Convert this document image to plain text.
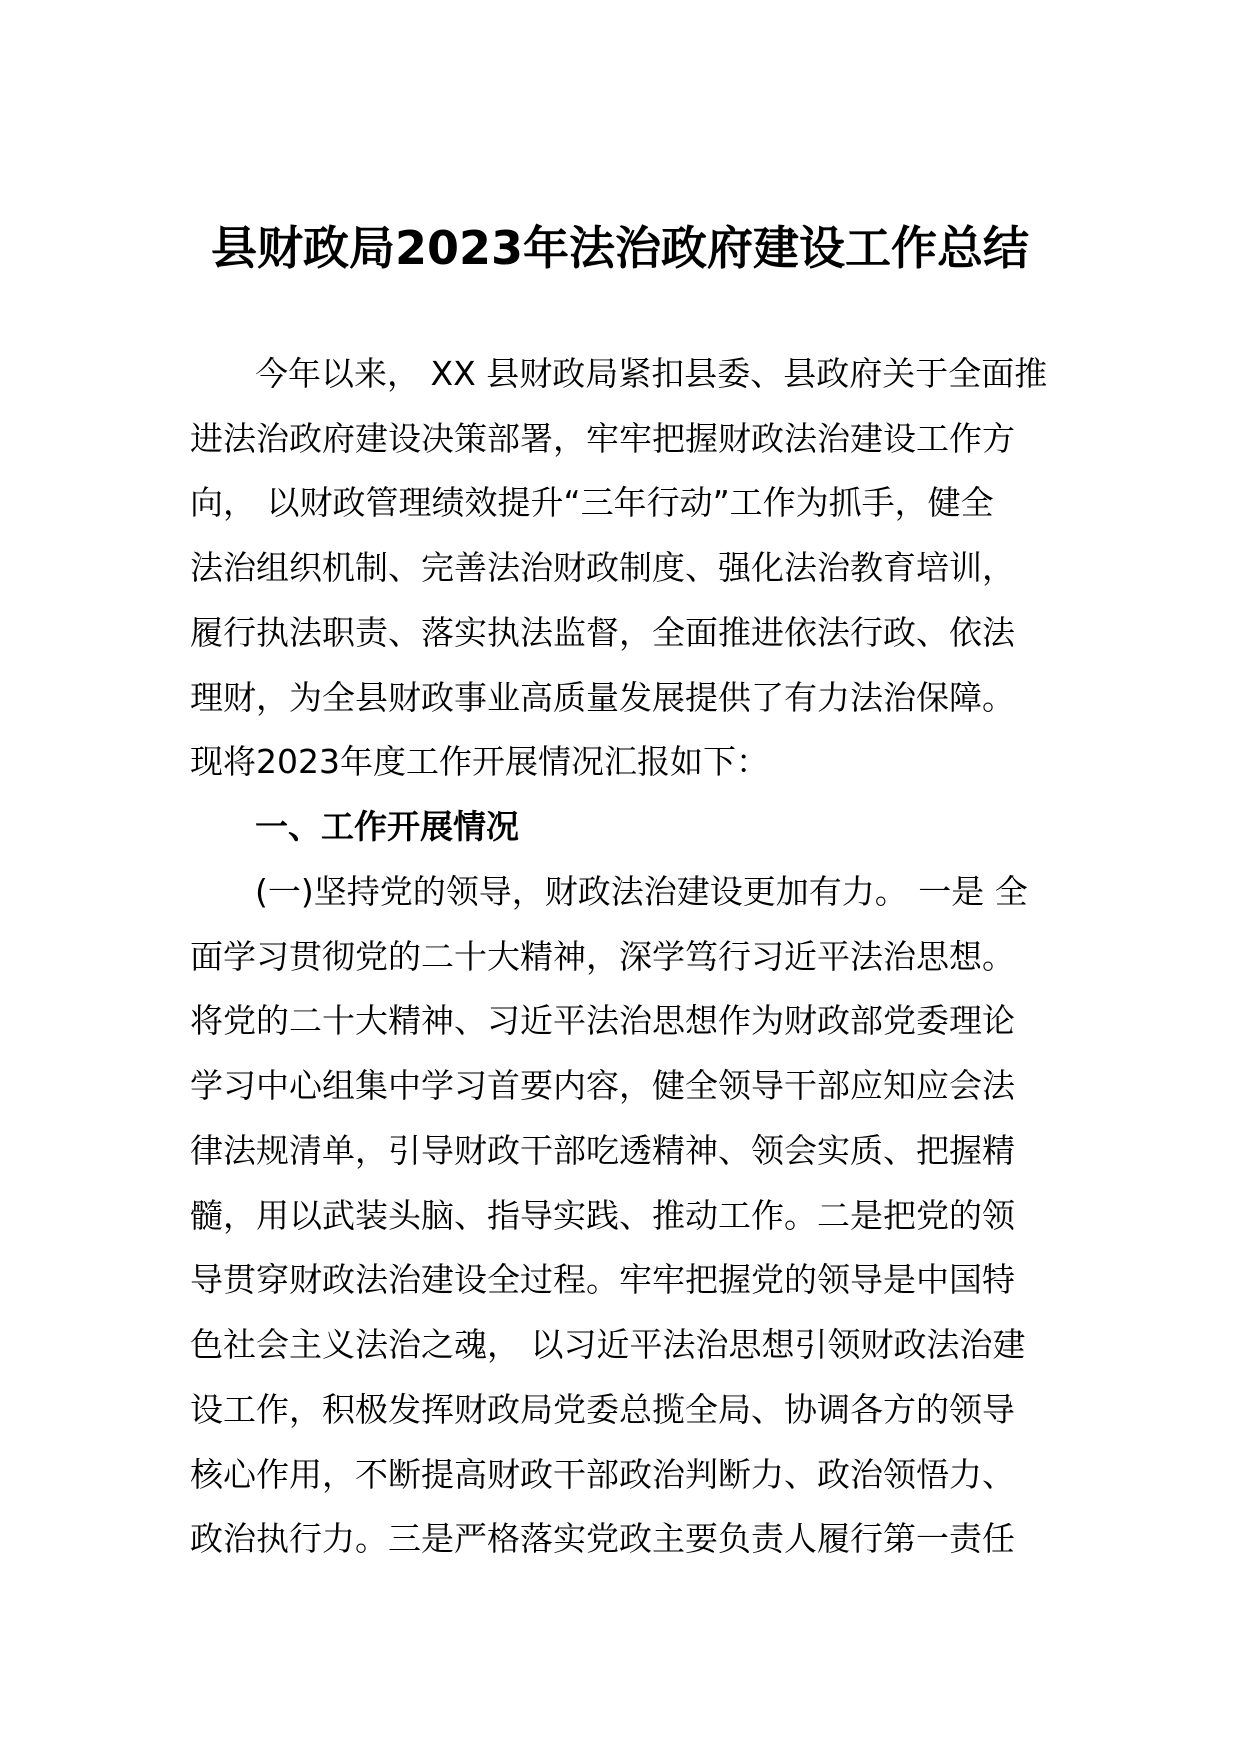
县财政局2023年法治政府建设工作总结
今年以来， XX 县财政局紧扣县委、县政府关于全面推
进法治政府建设决策部署，牢牢把握财政法治建设工作方
向， 以财政管理绩效提升“三年行动”工作为抓手，健全
法治组织机制、完善法治财政制度、强化法治教育培训，
履行执法职责、落实执法监督，全面推进依法行政、依法
理财，为全县财政事业高质量发展提供了有力法治保障。
现将2023年度工作开展情况汇报如下：
一、工作开展情况
(一)坚持党的领导，财政法治建设更加有力。 一是 全
面学习贯彻党的二十大精神，深学笃行习近平法治思想。
将党的二十大精神、习近平法治思想作为财政部党委理论
学习中心组集中学习首要内容，健全领导干部应知应会法
律法规清单，引导财政干部吃透精神、领会实质、把握精
髓，用以武装头脑、指导实践、推动工作。二是把党的领
导贯穿财政法治建设全过程。牢牢把握党的领导是中国特
色社会主义法治之魂， 以习近平法治思想引领财政法治建
设工作，积极发挥财政局党委总揽全局、协调各方的领导
核心作用，不断提高财政干部政治判断力、政治领悟力、
政治执行力。三是严格落实党政主要负责人履行第一责任
